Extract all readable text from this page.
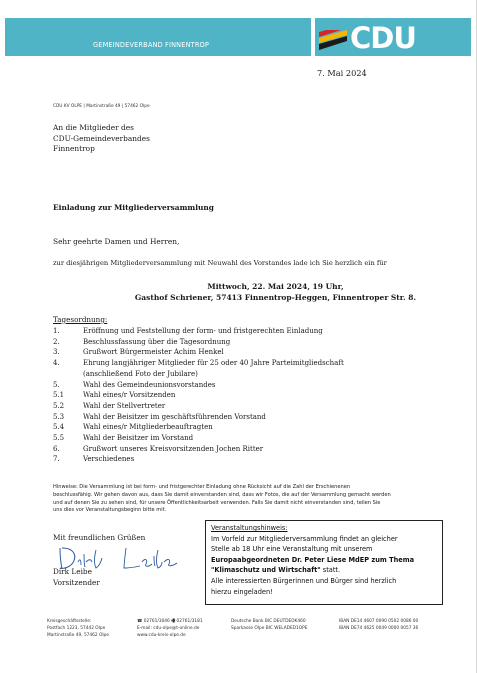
GEMEINDEVERBAND FINNENTROP	CDU
7. Mai 2024
CDU KV OLPE | Martinstraße 49 | 57462 Olpe
An die Mitglieder des
CDU-Gemeindeverbandes
Finnentrop
Einladung zur Mitgliederversammlung
Sehr geehrte Damen und Herren,
zur diesjährigen Mitgliederversammlung mit Neuwahl des Vorstandes lade ich Sie herzlich ein für
Mittwoch, 22. Mai 2024, 19 Uhr,
Gasthof Schriener, 57413 Finnentrop-Heggen, Finnentroper Str. 8.
Tagesordnung:
1.	Eröffnung und Feststellung der form- und fristgerechten Einladung
2.	Beschlussfassung über die Tagesordnung
3.	Grußwort Bürgermeister Achim Henkel
4.	Ehrung langjähriger Mitglieder für 25 oder 40 Jahre Parteimitgliedschaft
(anschließend Foto der Jubilare)
5.	Wahl des Gemeindeunionsvorstandes
5.1	Wahl eines/r Vorsitzenden
5.2	Wahl der Stellvertreter
5.3	Wahl der Beisitzer im geschäftsführenden Vorstand
5.4	Wahl eines/r Mitgliederbeauftragten
5.5	Wahl der Beisitzer im Vorstand
6.	Grußwort unseres Kreisvorsitzenden Jochen Ritter
7.	Verschiedenes
Hinweise: Die Versammlung ist bei form- und fristgerechter Einladung ohne Rücksicht auf die Zahl der Erschienenen
beschlussfähig. Wir gehen davon aus, dass Sie damit einverstanden sind, dass wir Fotos, die auf der Versammlung gemacht werden
und auf denen Sie zu sehen sind, für unsere Öffentlichkeitsarbeit verwenden. Falls Sie damit nicht einverstanden sind, teilen Sie
uns dies vor Veranstaltungsbeginn bitte mit.
Mit freundlichen Grüßen
Dirk Leibe
Vorsitzender
Veranstaltungshinweis:
Im Vorfeld zur Mitgliederversammlung findet an gleicher
Stelle ab 18 Uhr eine Veranstaltung mit unserem
Europaabgeordneten Dr. Peter Liese MdEP zum Thema
"Klimaschutz und Wirtschaft" statt.
Alle interessierten Bürgerinnen und Bürger sind herzlich
hierzu eingeladen!
Kreisgeschäftsstelle:
Postfach 1223, 57442 Olpe
Martinstraße 49, 57462 Olpe
☎ 02761/3046 🖷 02761/3181
E-mail: cdu-olpe@t-online.de
www.cdu-kreis-olpe.de
Deutsche Bank BIC DEUTDEDK460
Sparkasse Olpe BIC WELADED1OPE
IBAN DE14 4607 0090 0502 0086 00
IBAN DE74 4625 0049 0000 0057 36
